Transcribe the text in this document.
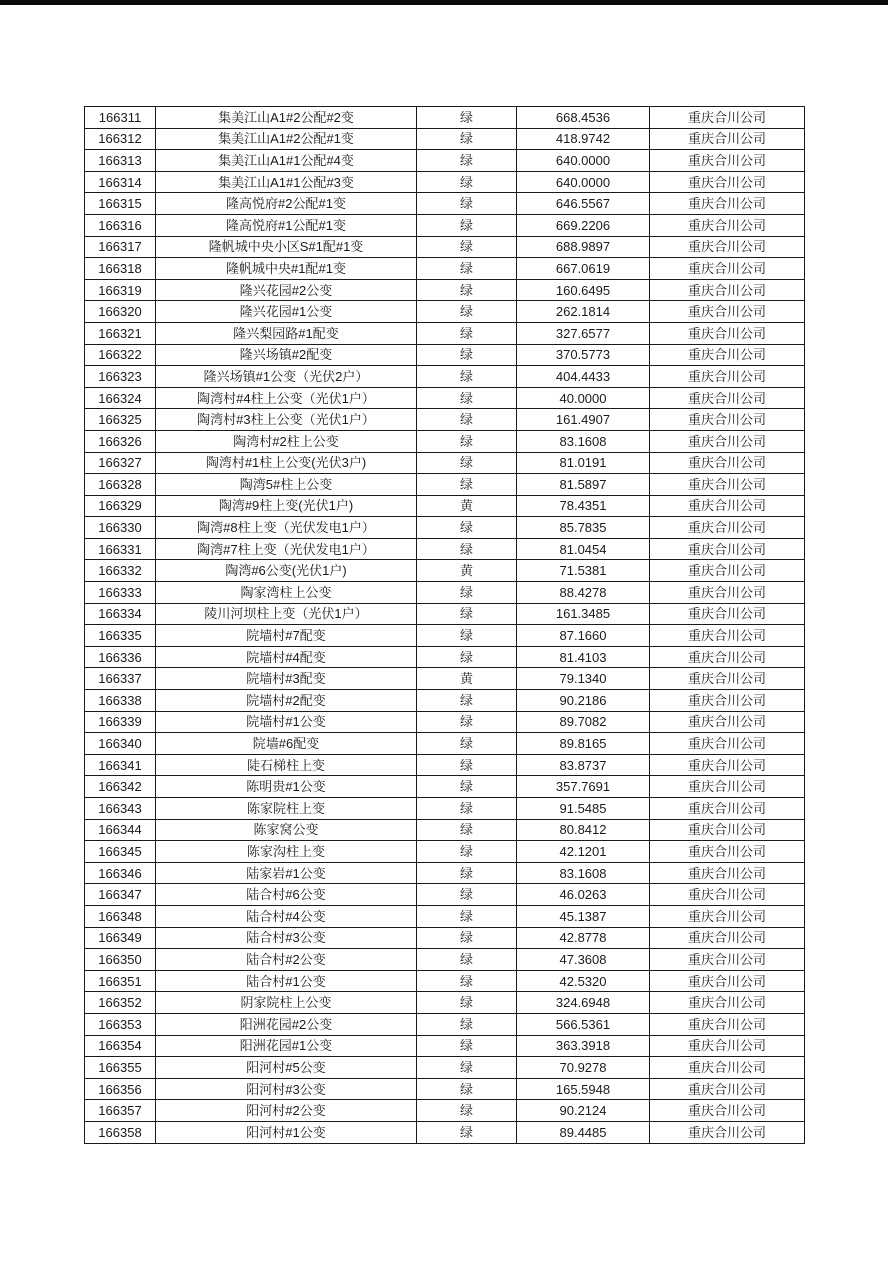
166311	集美江山A1#2公配#2变	绿	668.4536	重庆合川公司
166312	集美江山A1#2公配#1变	绿	418.9742	重庆合川公司
166313	集美江山A1#1公配#4变	绿	640.0000	重庆合川公司
166314	集美江山A1#1公配#3变	绿	640.0000	重庆合川公司
166315	隆高悦府#2公配#1变	绿	646.5567	重庆合川公司
166316	隆高悦府#1公配#1变	绿	669.2206	重庆合川公司
166317	隆帆城中央小区S#1配#1变	绿	688.9897	重庆合川公司
166318	隆帆城中央#1配#1变	绿	667.0619	重庆合川公司
166319	隆兴花园#2公变	绿	160.6495	重庆合川公司
166320	隆兴花园#1公变	绿	262.1814	重庆合川公司
166321	隆兴梨园路#1配变	绿	327.6577	重庆合川公司
166322	隆兴场镇#2配变	绿	370.5773	重庆合川公司
166323	隆兴场镇#1公变（光伏2户）	绿	404.4433	重庆合川公司
166324	陶湾村#4柱上公变（光伏1户）	绿	40.0000	重庆合川公司
166325	陶湾村#3柱上公变（光伏1户）	绿	161.4907	重庆合川公司
166326	陶湾村#2柱上公变	绿	83.1608	重庆合川公司
166327	陶湾村#1柱上公变(光伏3户)	绿	81.0191	重庆合川公司
166328	陶湾5#柱上公变	绿	81.5897	重庆合川公司
166329	陶湾#9柱上变(光伏1户)	黄	78.4351	重庆合川公司
166330	陶湾#8柱上变（光伏发电1户）	绿	85.7835	重庆合川公司
166331	陶湾#7柱上变（光伏发电1户）	绿	81.0454	重庆合川公司
166332	陶湾#6公变(光伏1户)	黄	71.5381	重庆合川公司
166333	陶家湾柱上公变	绿	88.4278	重庆合川公司
166334	陵川河坝柱上变（光伏1户）	绿	161.3485	重庆合川公司
166335	院墙村#7配变	绿	87.1660	重庆合川公司
166336	院墙村#4配变	绿	81.4103	重庆合川公司
166337	院墙村#3配变	黄	79.1340	重庆合川公司
166338	院墙村#2配变	绿	90.2186	重庆合川公司
166339	院墙村#1公变	绿	89.7082	重庆合川公司
166340	院墙#6配变	绿	89.8165	重庆合川公司
166341	陡石梯柱上变	绿	83.8737	重庆合川公司
166342	陈明贵#1公变	绿	357.7691	重庆合川公司
166343	陈家院柱上变	绿	91.5485	重庆合川公司
166344	陈家窝公变	绿	80.8412	重庆合川公司
166345	陈家沟柱上变	绿	42.1201	重庆合川公司
166346	陆家岩#1公变	绿	83.1608	重庆合川公司
166347	陆合村#6公变	绿	46.0263	重庆合川公司
166348	陆合村#4公变	绿	45.1387	重庆合川公司
166349	陆合村#3公变	绿	42.8778	重庆合川公司
166350	陆合村#2公变	绿	47.3608	重庆合川公司
166351	陆合村#1公变	绿	42.5320	重庆合川公司
166352	阴家院柱上公变	绿	324.6948	重庆合川公司
166353	阳洲花园#2公变	绿	566.5361	重庆合川公司
166354	阳洲花园#1公变	绿	363.3918	重庆合川公司
166355	阳河村#5公变	绿	70.9278	重庆合川公司
166356	阳河村#3公变	绿	165.5948	重庆合川公司
166357	阳河村#2公变	绿	90.2124	重庆合川公司
166358	阳河村#1公变	绿	89.4485	重庆合川公司
